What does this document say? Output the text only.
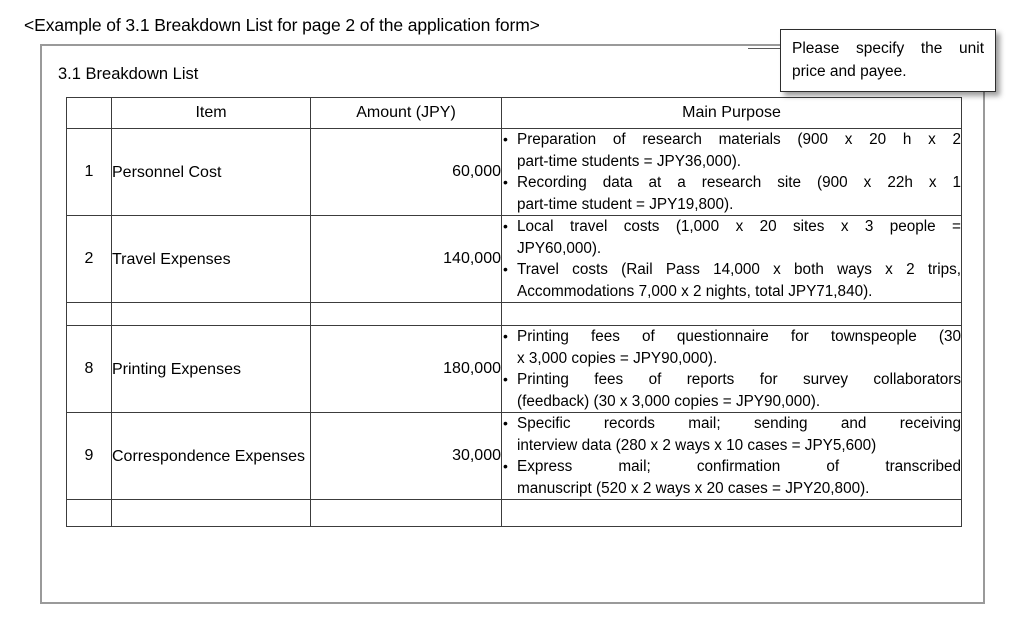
<Example of 3.1 Breakdown List for page 2 of the application form>
3.1 Breakdown List
	Item	Amount (JPY)	Main Purpose
1	Personnel Cost	60,000	
• Preparation of research materials (900 x 20 h x 2
part-time students = JPY36,000).
• Recording data at a research site (900 x 22h x 1
part-time student = JPY19,800).

2	Travel Expenses	140,000	
• Local travel costs (1,000 x 20 sites x 3 people =
JPY60,000).
• Travel costs (Rail Pass 14,000 x both ways x 2 trips,
Accommodations 7,000 x 2 nights, total JPY71,840).

8	Printing Expenses	180,000	
• Printing fees of questionnaire for townspeople (30
x 3,000 copies = JPY90,000).
• Printing fees of reports for survey collaborators
(feedback) (30 x 3,000 copies = JPY90,000).

9	Correspondence Expenses	30,000	
• Specific records mail; sending and receiving
interview data (280 x 2 ways x 10 cases = JPY5,600)
• Express mail; confirmation of transcribed
manuscript (520 x 2 ways x 20 cases = JPY20,800).

Please specify the unit
price and payee.
